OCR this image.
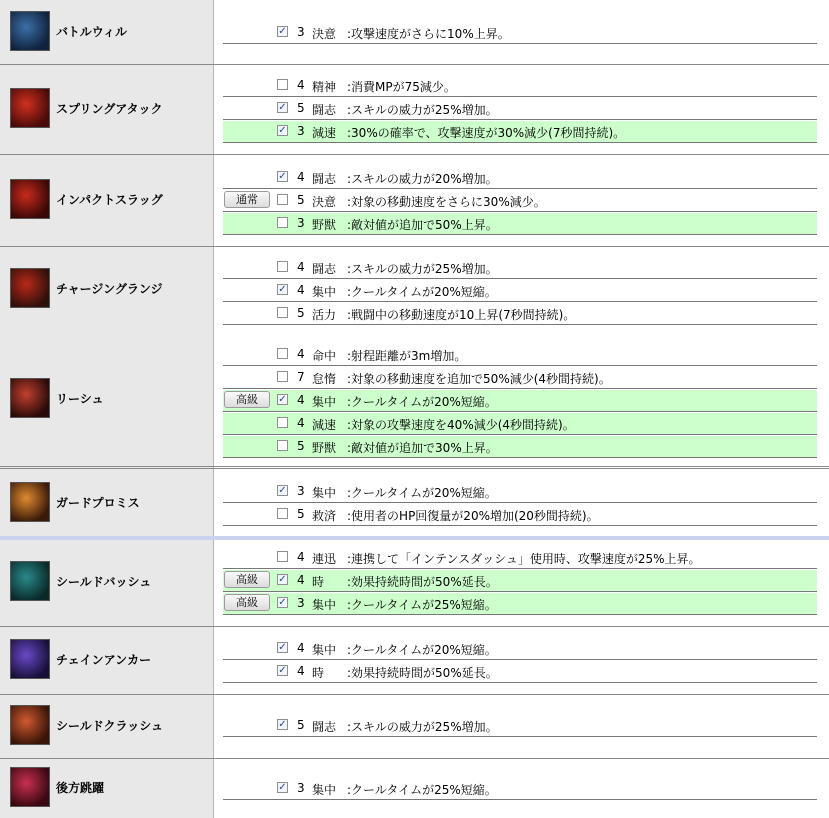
バトルウィル	✓ 3 決意 :攻撃速度がさらに10%上昇。
スプリングアタック
4 精神 :消費MPが75減少。
✓ 5 闘志 :スキルの威力が25%増加。
✓ 3 減速 :30%の確率で、攻撃速度が30%減少(7秒間持続)。
インパクトスラッグ
✓ 4 闘志 :スキルの威力が20%増加。
通常	5 決意 :対象の移動速度をさらに30%減少。
3 野獣 :敵対値が追加で50%上昇。
チャージングランジ
4 闘志 :スキルの威力が25%増加。
✓ 4 集中 :クールタイムが20%短縮。
5 活力 :戦闘中の移動速度が10上昇(7秒間持続)。
リーシュ
4 命中 :射程距離が3m増加。
7 怠惰 :対象の移動速度を追加で50%減少(4秒間持続)。
高級	✓ 4 集中 :クールタイムが20%短縮。
4 減速 :対象の攻撃速度を40%減少(4秒間持続)。
5 野獣 :敵対値が追加で30%上昇。
ガードプロミス
✓ 3 集中 :クールタイムが20%短縮。
5 救済 :使用者のHP回復量が20%増加(20秒間持続)。
シールドバッシュ
4 連迅 :連携して「インテンスダッシュ」使用時、攻撃速度が25%上昇。
高級	✓ 4 時 :効果持続時間が50%延長。
高級	✓ 3 集中 :クールタイムが25%短縮。
チェインアンカー
✓ 4 集中 :クールタイムが20%短縮。
✓ 4 時 :効果持続時間が50%延長。
シールドクラッシュ	✓ 5 闘志 :スキルの威力が25%増加。
後方跳躍	✓ 3 集中 :クールタイムが25%短縮。
